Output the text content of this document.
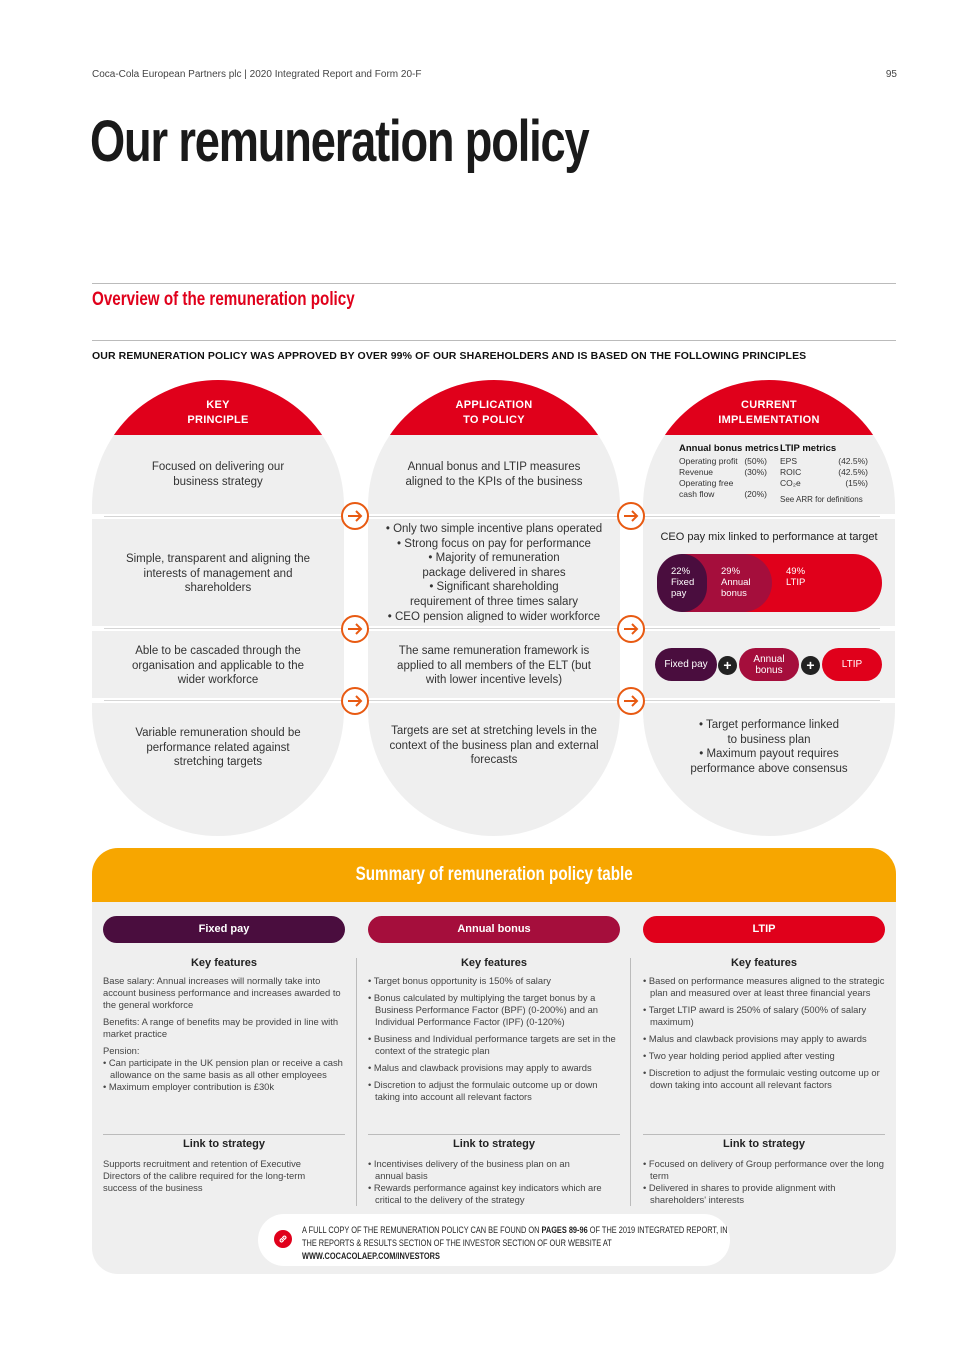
Coca-Cola European Partners plc | 2020 Integrated Report and Form 20-F	95
Our remuneration policy
Overview of the remuneration policy
OUR REMUNERATION POLICY WAS APPROVED BY OVER 99% OF OUR SHAREHOLDERS AND IS BASED ON THE FOLLOWING PRINCIPLES
KEY
PRINCIPLE
Focused on delivering our business strategy
Simple, transparent and aligning the interests of management and shareholders
Able to be cascaded through the organisation and applicable to the wider workforce
Variable remuneration should be performance related against stretching targets
APPLICATION
TO POLICY
Annual bonus and LTIP measures aligned to the KPIs of the business
• Only two simple incentive plans operated
• Strong focus on pay for performance
• Majority of remuneration package delivered in shares
• Significant shareholding requirement of three times salary
• CEO pension aligned to wider workforce
The same remuneration framework is applied to all members of the ELT (but with lower incentive levels)
Targets are set at stretching levels in the context of the business plan and external forecasts
CURRENT
IMPLEMENTATION
Annual bonus metrics
Operating profit (50%)
Revenue	(30%)
Operating free
cash flow	(20%)
LTIP metrics
EPS	(42.5%)
ROIC	(42.5%)
CO₂e	(15%)
See ARR for definitions
CEO pay mix linked to performance at target
49%
LTIP
29%
Annual
bonus
22%
Fixed
pay
Fixed pay	+	Annual
bonus	+	LTIP
• Target performance linked
to business plan
• Maximum payout requires
performance above consensus
Summary of remuneration policy table
Fixed pay
Key features

Base salary: Annual increases will normally take into account business performance and increases awarded to the general workforce

Benefits: A range of benefits may be provided in line with market practice

Pension:

• Can participate in the UK pension plan or receive a cash allowance on the same basis as all other employees
• Maximum employer contribution is £30k
Link to strategy
Supports recruitment and retention of Executive Directors of the calibre required for the long-term success of the business
Annual bonus
Key features
• Target bonus opportunity is 150% of salary
• Bonus calculated by multiplying the target bonus by a Business Performance Factor (BPF) (0-200%) and an Individual Performance Factor (IPF) (0-120%)
• Business and Individual performance targets are set in the context of the strategic plan
• Malus and clawback provisions may apply to awards
• Discretion to adjust the formulaic outcome up or down taking into account all relevant factors
Link to strategy
• Incentivises delivery of the business plan on an annual basis
• Rewards performance against key indicators which are critical to the delivery of the strategy
LTIP
Key features
• Based on performance measures aligned to the strategic plan and measured over at least three financial years
• Target LTIP award is 250% of salary (500% of salary maximum)
• Malus and clawback provisions may apply to awards
• Two year holding period applied after vesting
• Discretion to adjust the formulaic vesting outcome up or down taking into account all relevant factors
Link to strategy
• Focused on delivery of Group performance over the long term
• Delivered in shares to provide alignment with shareholders' interests
A FULL COPY OF THE REMUNERATION POLICY CAN BE FOUND ON PAGES 89-96 OF THE 2019 INTEGRATED REPORT, IN THE REPORTS & RESULTS SECTION OF THE INVESTOR SECTION OF OUR WEBSITE AT WWW.COCACOLAEP.COM/INVESTORS
